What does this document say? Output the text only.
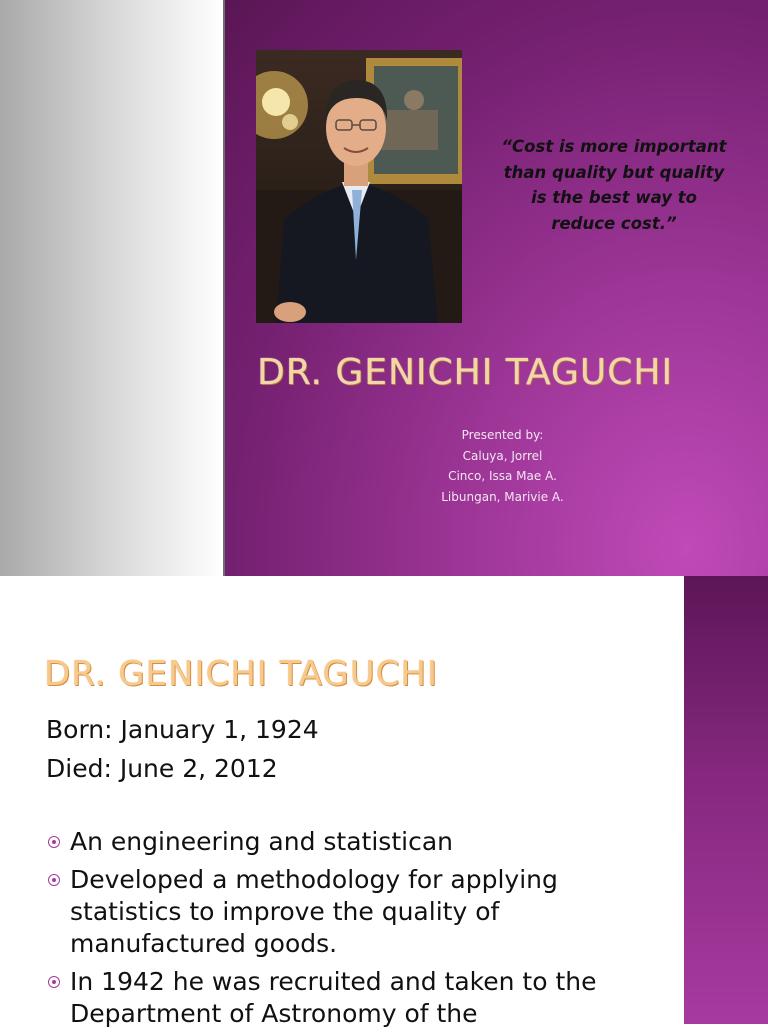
“Cost is more important than quality but quality is the best way to reduce cost.”
DR. GENICHI TAGUCHI
Presented by:
Caluya, Jorrel
Cinco, Issa Mae A.
Libungan, Marivie A.
DR. GENICHI TAGUCHI
Born: January 1, 1924
Died: June 2, 2012
An engineering and statistican
Developed a methodology for applying statistics to improve the quality of manufactured goods.
In 1942 he was recruited and taken to the Department of Astronomy of the
